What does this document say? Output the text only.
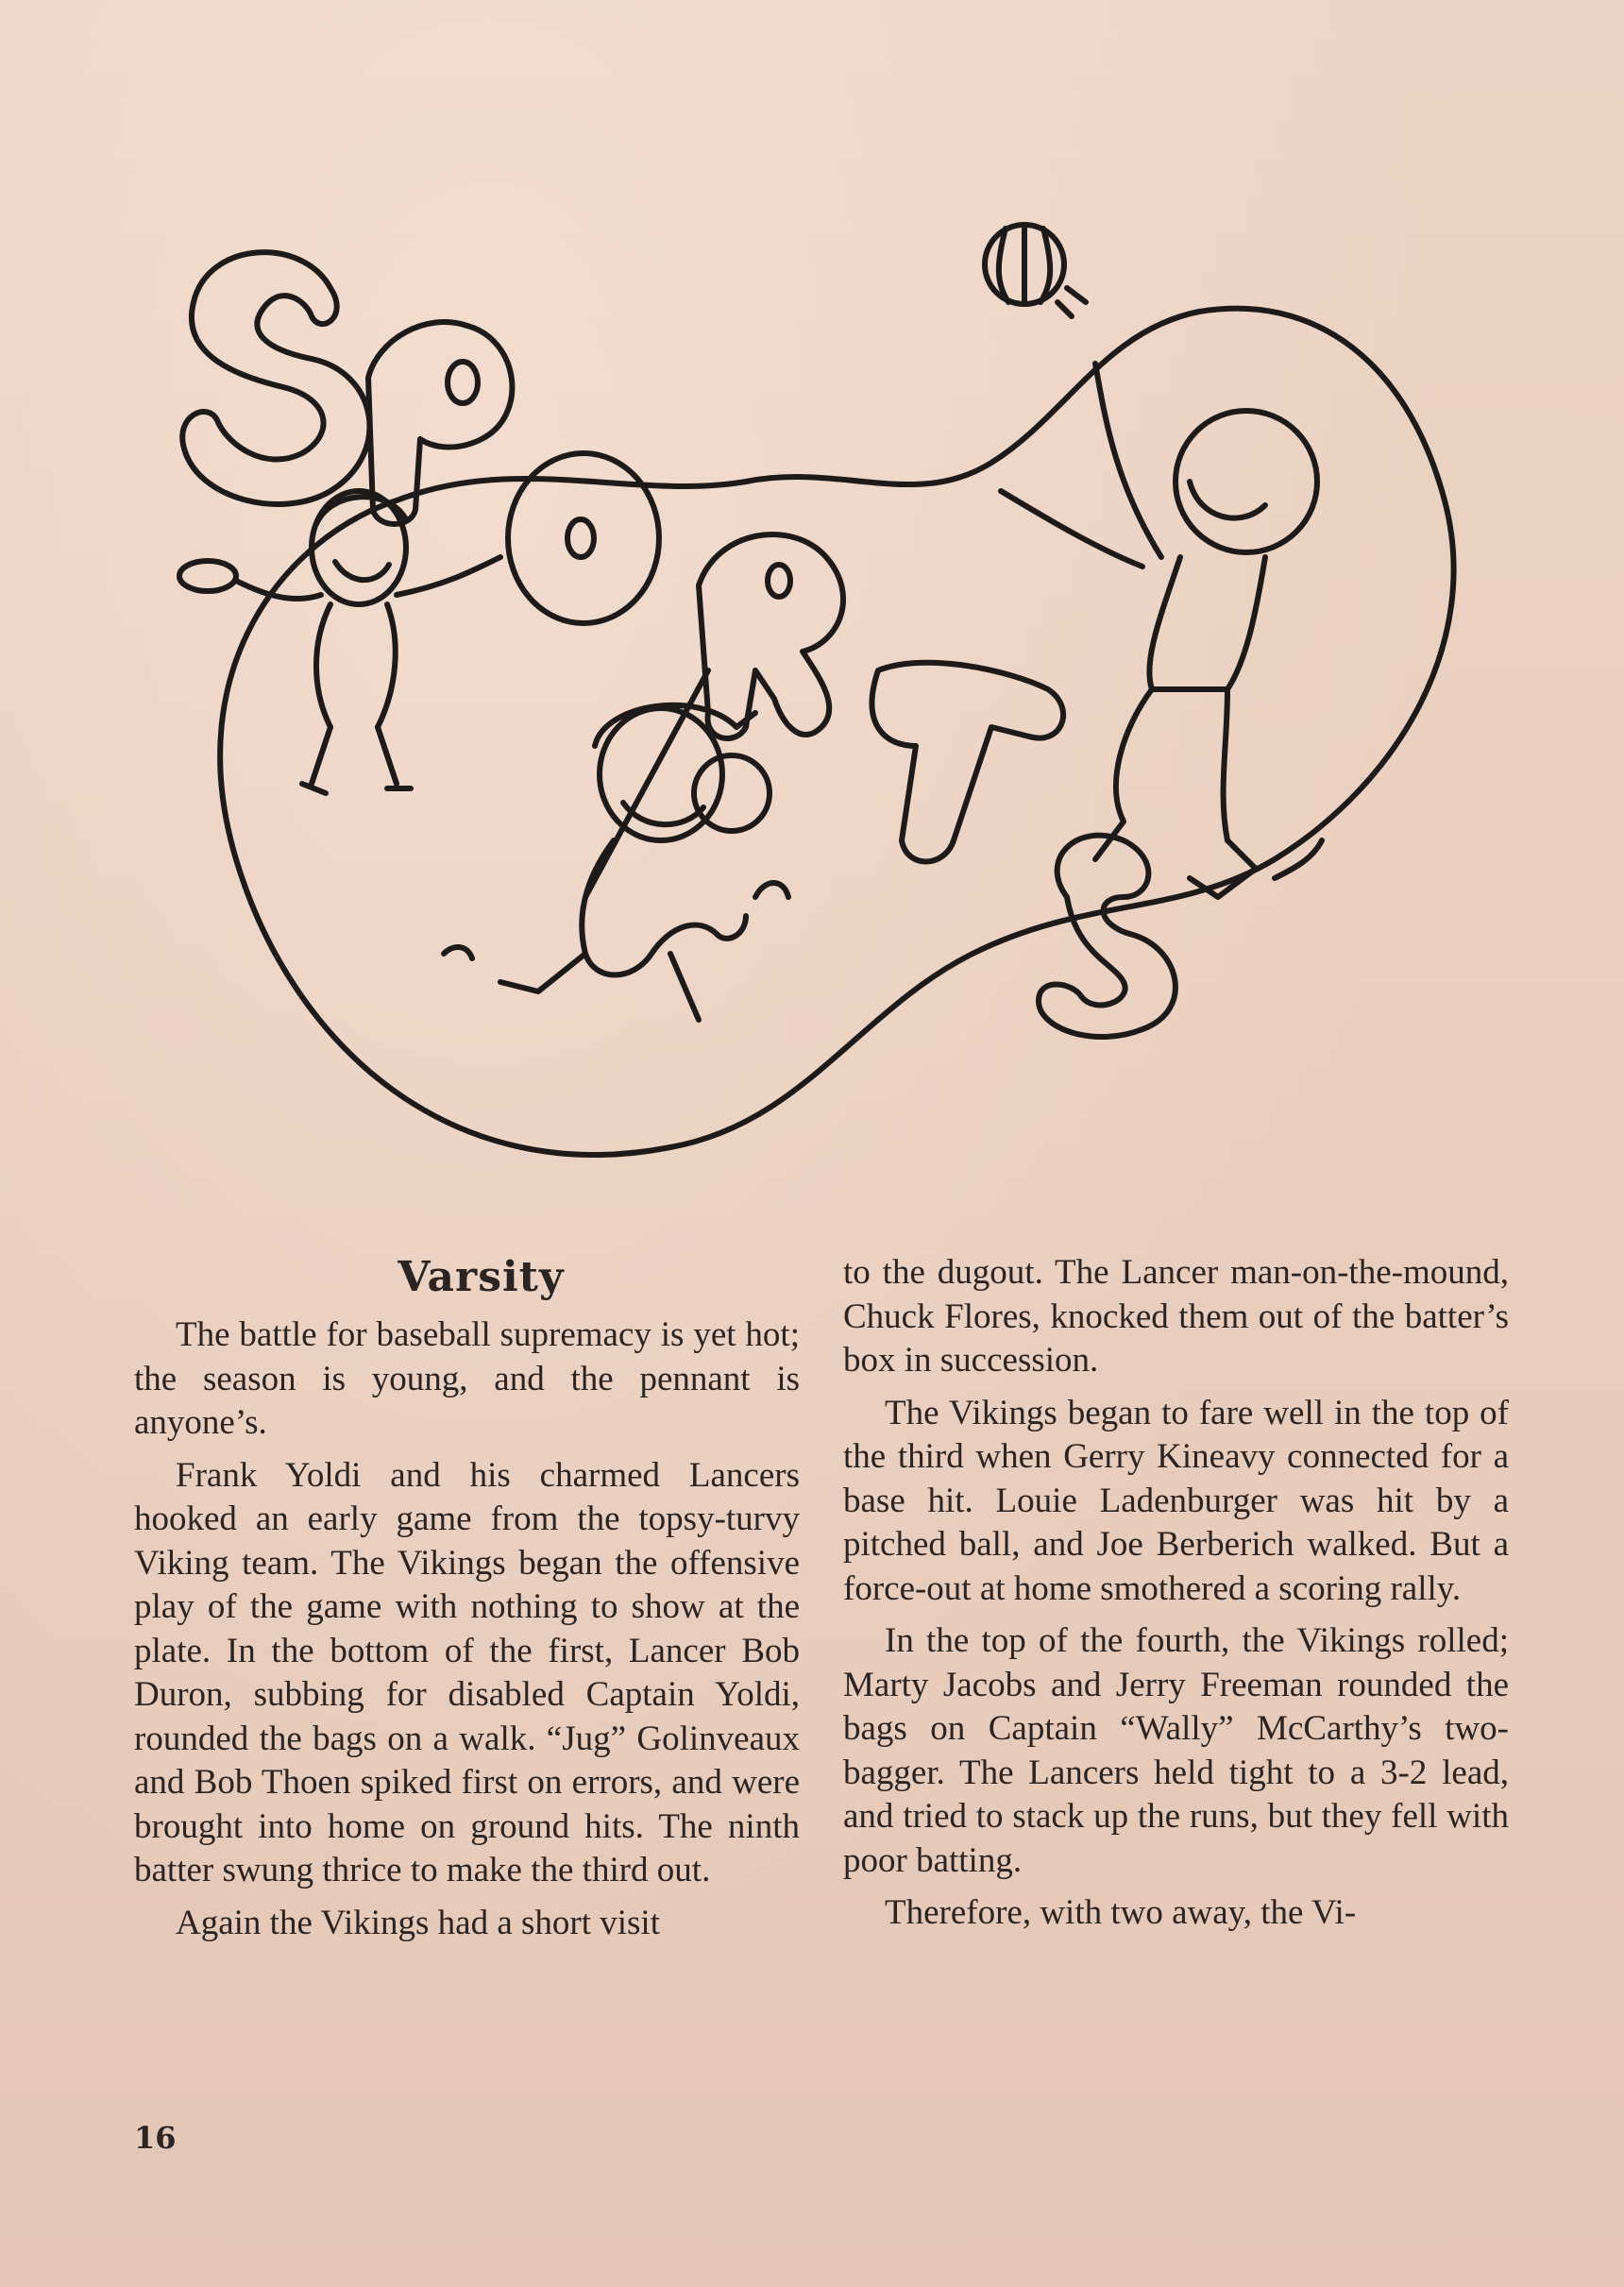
Varsity

The battle for baseball supremacy is yet hot; the season is young, and the pennant is anyone’s.

Frank Yoldi and his charmed Lancers hooked an early game from the topsy-turvy Viking team. The Vikings began the offensive play of the game with nothing to show at the plate. In the bottom of the first, Lancer Bob Duron, subbing for disabled Captain Yoldi, rounded the bags on a walk. “Jug” Golinveaux and Bob Thoen spiked first on errors, and were brought into home on ground hits. The ninth batter swung thrice to make the third out.

Again the Vikings had a short visit

to the dugout. The Lancer man-on-the-mound, Chuck Flores, knocked them out of the batter’s box in succession.

The Vikings began to fare well in the top of the third when Gerry Kineavy connected for a base hit. Louie Ladenburger was hit by a pitched ball, and Joe Berberich walked. But a force-out at home smothered a scoring rally.

In the top of the fourth, the Vikings rolled; Marty Jacobs and Jerry Freeman rounded the bags on Captain “Wally” McCarthy’s two-bagger. The Lancers held tight to a 3-2 lead, and tried to stack up the runs, but they fell with poor batting.

Therefore, with two away, the Vi-

16
